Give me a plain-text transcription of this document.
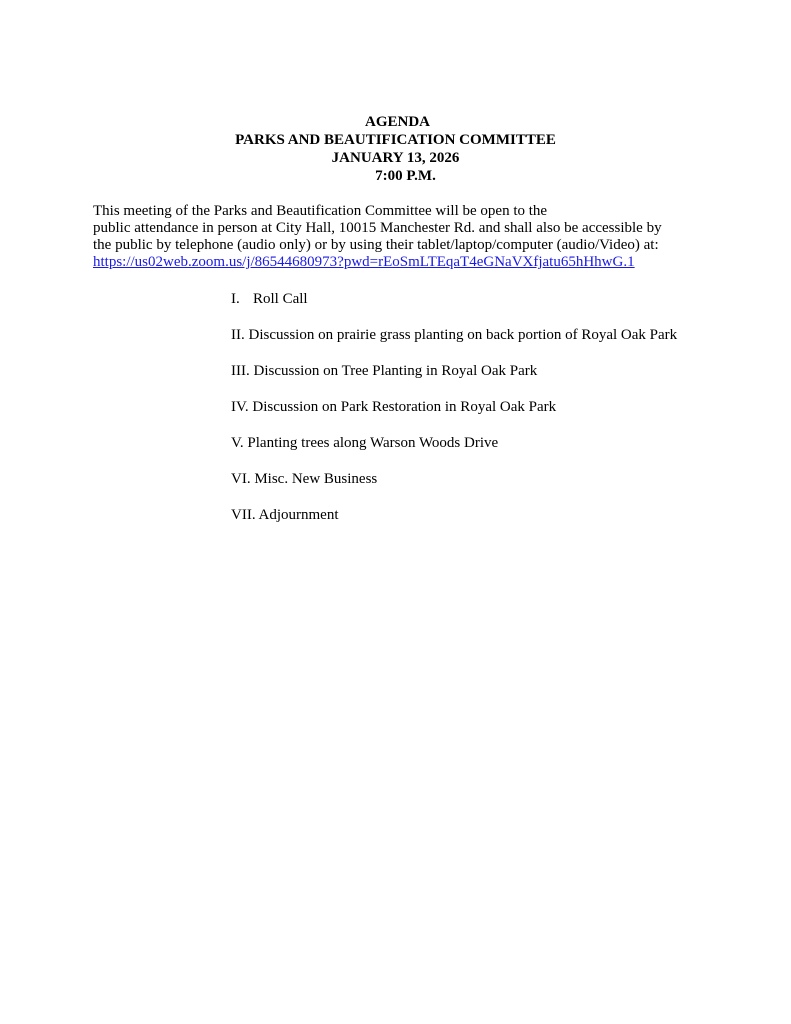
AGENDA
PARKS AND BEAUTIFICATION COMMITTEE
JANUARY 13, 2026
7:00 P.M.
This meeting of the Parks and Beautification Committee will be open to the
public attendance in person at City Hall, 10015 Manchester Rd. and shall also be accessible by
the public by telephone (audio only) or by using their tablet/laptop/computer (audio/Video) at:
https://us02web.zoom.us/j/86544680973?pwd=rEoSmLTEqaT4eGNaVXfjatu65hHhwG.1
I. Roll Call
II. Discussion on prairie grass planting on back portion of Royal Oak Park
III. Discussion on Tree Planting in Royal Oak Park
IV. Discussion on Park Restoration in Royal Oak Park
V. Planting trees along Warson Woods Drive
VI. Misc. New Business
VII. Adjournment
